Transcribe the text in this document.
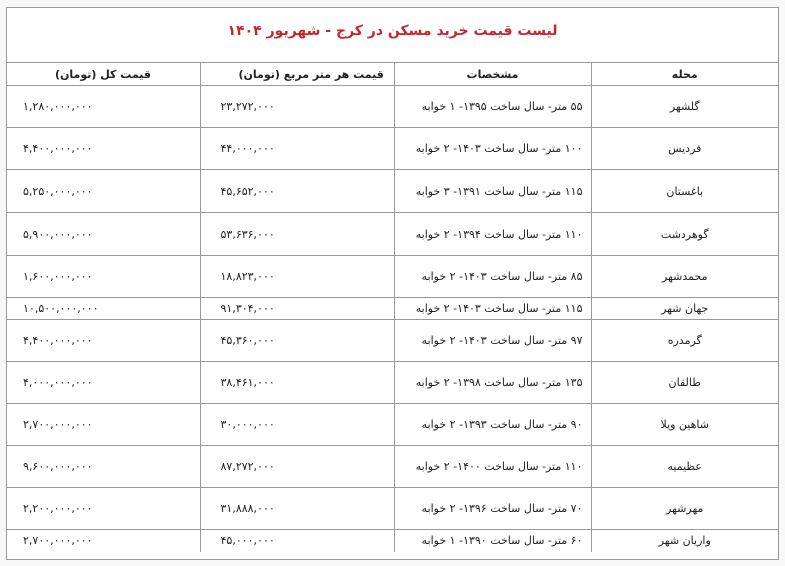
لیست قیمت خرید مسکن در کرج - شهریور ۱۴۰۴
محله	مشخصات	قیمت هر متر مربع (تومان)	قیمت کل (تومان)
گلشهر	۵۵ متر- سال ساخت ۱۳۹۵- ۱ خوابه	۲۳,۲۷۲,۰۰۰	۱,۲۸۰,۰۰۰,۰۰۰
فردیس	۱۰۰ متر- سال ساخت ۱۴۰۳- ۲ خوابه	۴۴,۰۰۰,۰۰۰	۴,۴۰۰,۰۰۰,۰۰۰
باغستان	۱۱۵ متر- سال ساخت ۱۳۹۱- ۳ خوابه	۴۵,۶۵۲,۰۰۰	۵,۲۵۰,۰۰۰,۰۰۰
گوهردشت	۱۱۰ متر- سال ساخت ۱۳۹۴- ۲ خوابه	۵۳,۶۳۶,۰۰۰	۵,۹۰۰,۰۰۰,۰۰۰
محمدشهر	۸۵ متر- سال ساخت ۱۴۰۳- ۲ خوابه	۱۸,۸۲۳,۰۰۰	۱,۶۰۰,۰۰۰,۰۰۰
جهان شهر	۱۱۵ متر- سال ساخت ۱۴۰۳- ۲ خوابه	۹۱,۳۰۴,۰۰۰	۱۰,۵۰۰,۰۰۰,۰۰۰
گرمدره	۹۷ متر- سال ساخت ۱۴۰۳- ۲ خوابه	۴۵,۳۶۰,۰۰۰	۴,۴۰۰,۰۰۰,۰۰۰
طالقان	۱۳۵ متر- سال ساخت ۱۳۹۸- ۲ خوابه	۳۸,۴۶۱,۰۰۰	۴,۰۰۰,۰۰۰,۰۰۰
شاهین ویلا	۹۰ متر- سال ساخت ۱۳۹۳- ۲ خوابه	۳۰,۰۰۰,۰۰۰	۲,۷۰۰,۰۰۰,۰۰۰
عظیمیه	۱۱۰ متر- سال ساخت ۱۴۰۰- ۲ خوابه	۸۷,۲۷۲,۰۰۰	۹,۶۰۰,۰۰۰,۰۰۰
مهرشهر	۷۰ متر- سال ساخت ۱۳۹۶- ۲ خوابه	۳۱,۸۸۸,۰۰۰	۲,۲۰۰,۰۰۰,۰۰۰
واریان شهر	۶۰ متر- سال ساخت ۱۳۹۰- ۱ خوابه	۴۵,۰۰۰,۰۰۰	۲,۷۰۰,۰۰۰,۰۰۰
